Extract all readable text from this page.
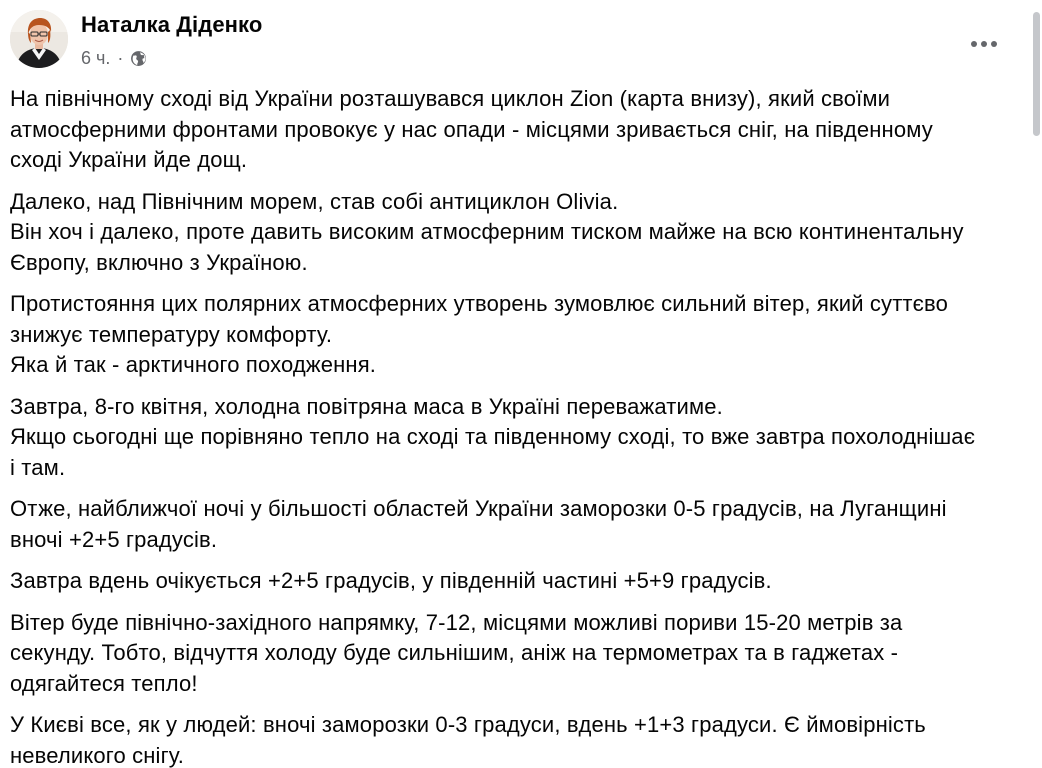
Наталка Діденко
6 ч. ·

На північному сході від України розташувався циклон Zion (карта внизу), який своїми
атмосферними фронтами провокує у нас опади - місцями зривається сніг, на південному
сході України йде дощ.

Далеко, над Північним морем, став собі антициклон Olivia.
Він хоч і далеко, проте давить високим атмосферним тиском майже на всю континентальну
Європу, включно з Україною.

Протистояння цих полярних атмосферних утворень зумовлює сильний вітер, який суттєво
знижує температуру комфорту.
Яка й так - арктичного походження.

Завтра, 8-го квітня, холодна повітряна маса в Україні переважатиме.
Якщо сьогодні ще порівняно тепло на сході та південному сході, то вже завтра похолоднішає
і там.

Отже, найближчої ночі у більшості областей України заморозки 0-5 градусів, на Луганщині
вночі +2+5 градусів.

Завтра вдень очікується +2+5 градусів, у південній частині +5+9 градусів.

Вітер буде північно-західного напрямку, 7-12, місцями можливі пориви 15-20 метрів за
секунду. Тобто, відчуття холоду буде сильнішим, аніж на термометрах та в гаджетах -
одягайтеся тепло!

У Києві все, як у людей: вночі заморозки 0-3 градуси, вдень +1+3 градуси. Є ймовірність
невеликого снігу.
